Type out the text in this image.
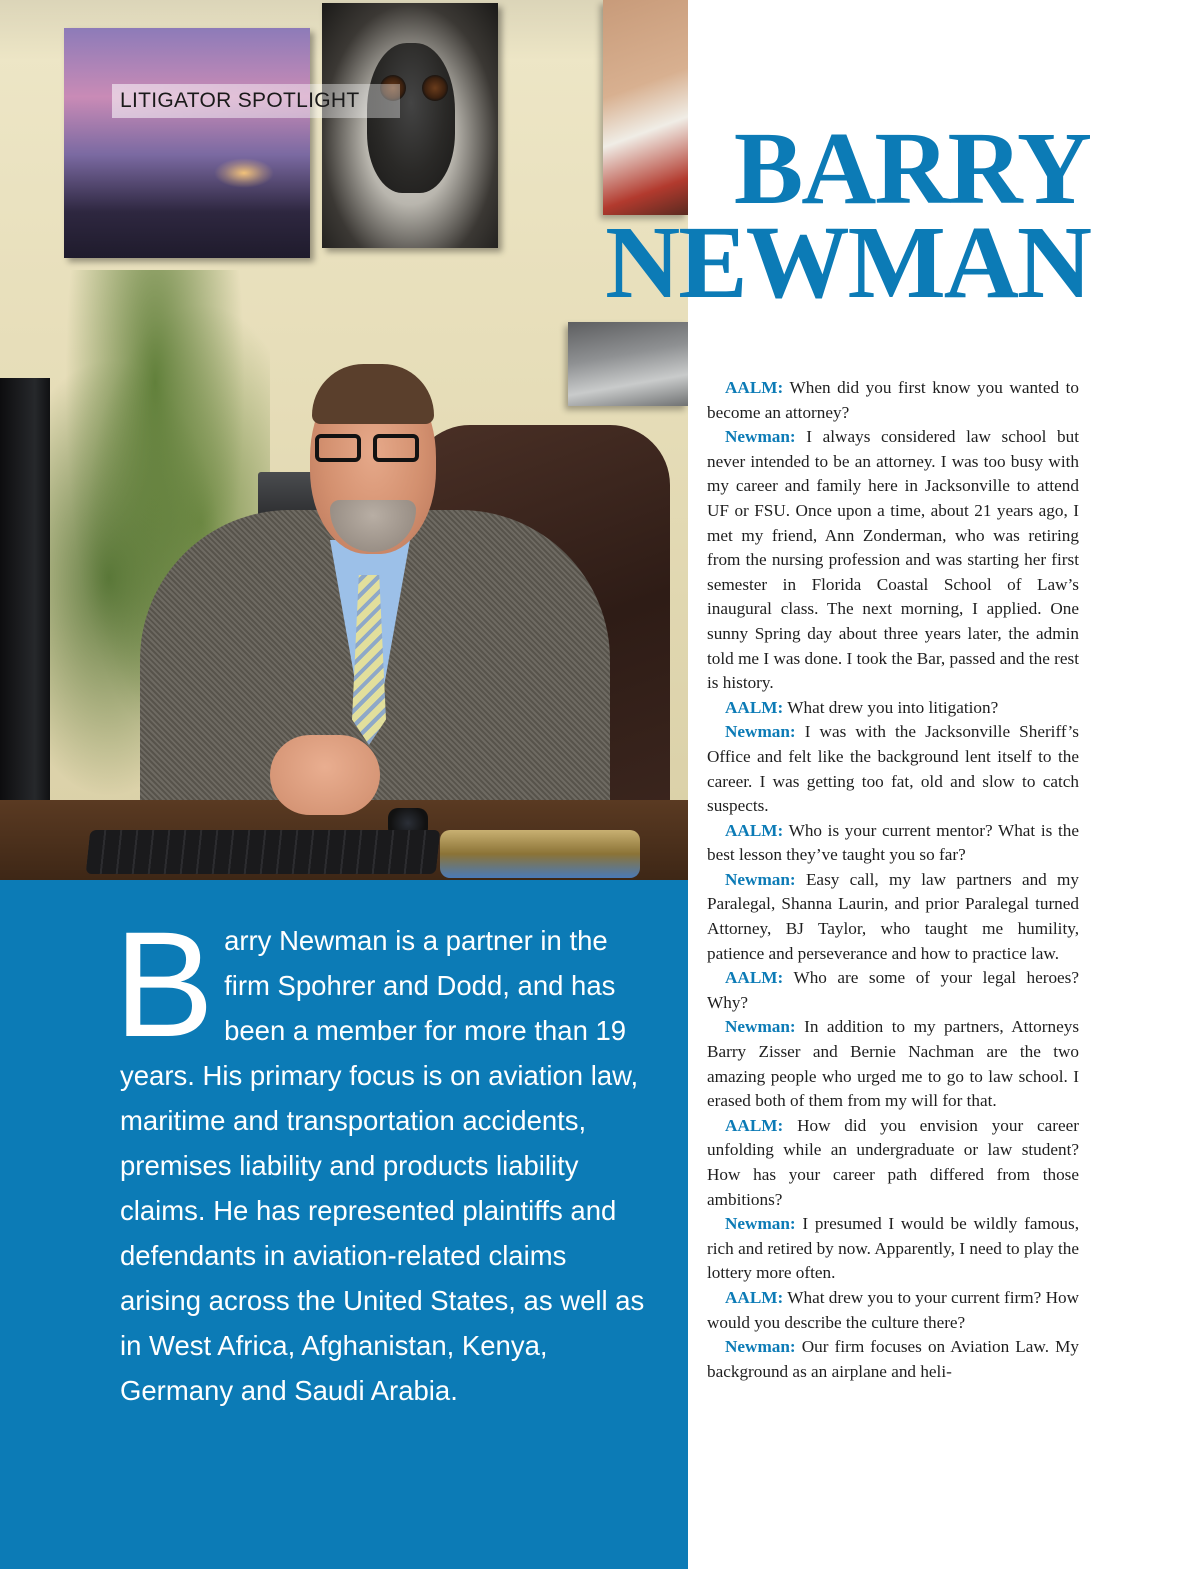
LITIGATOR SPOTLIGHT
BARRY
NEWMAN

B arry Newman is a partner in the firm Spohrer and Dodd, and has been a member for more than 19 years. His primary focus is on aviation law, maritime and transportation accidents, premises liability and products liability claims. He has represented plaintiffs and defendants in aviation-related claims arising across the United States, as well as in West Africa, Afghanistan, Kenya, Germany and Saudi Arabia.

AALM: When did you first know you wanted to become an attorney?

Newman: I always considered law school but never intended to be an attorney. I was too busy with my career and family here in Jacksonville to attend UF or FSU. Once upon a time, about 21 years ago, I met my friend, Ann Zonderman, who was retiring from the nursing profession and was starting her first semester in Florida Coastal School of Law’s inaugural class. The next morning, I applied. One sunny Spring day about three years later, the admin told me I was done. I took the Bar, passed and the rest is history.

AALM: What drew you into litigation?

Newman: I was with the Jacksonville Sheriff’s Office and felt like the background lent itself to the career. I was getting too fat, old and slow to catch suspects.

AALM: Who is your current mentor? What is the best lesson they’ve taught you so far?

Newman: Easy call, my law partners and my Paralegal, Shanna Laurin, and prior Paralegal turned Attorney, BJ Taylor, who taught me humility, patience and perseverance and how to practice law.

AALM: Who are some of your legal heroes? Why?

Newman: In addition to my partners, Attorneys Barry Zisser and Bernie Nachman are the two amazing people who urged me to go to law school. I erased both of them from my will for that.

AALM: How did you envision your career unfolding while an undergraduate or law student? How has your career path differed from those ambitions?

Newman: I presumed I would be wildly famous, rich and retired by now. Apparently, I need to play the lottery more often.

AALM: What drew you to your current firm? How would you describe the culture there?

Newman: Our firm focuses on Aviation Law. My background as an airplane and heli-
